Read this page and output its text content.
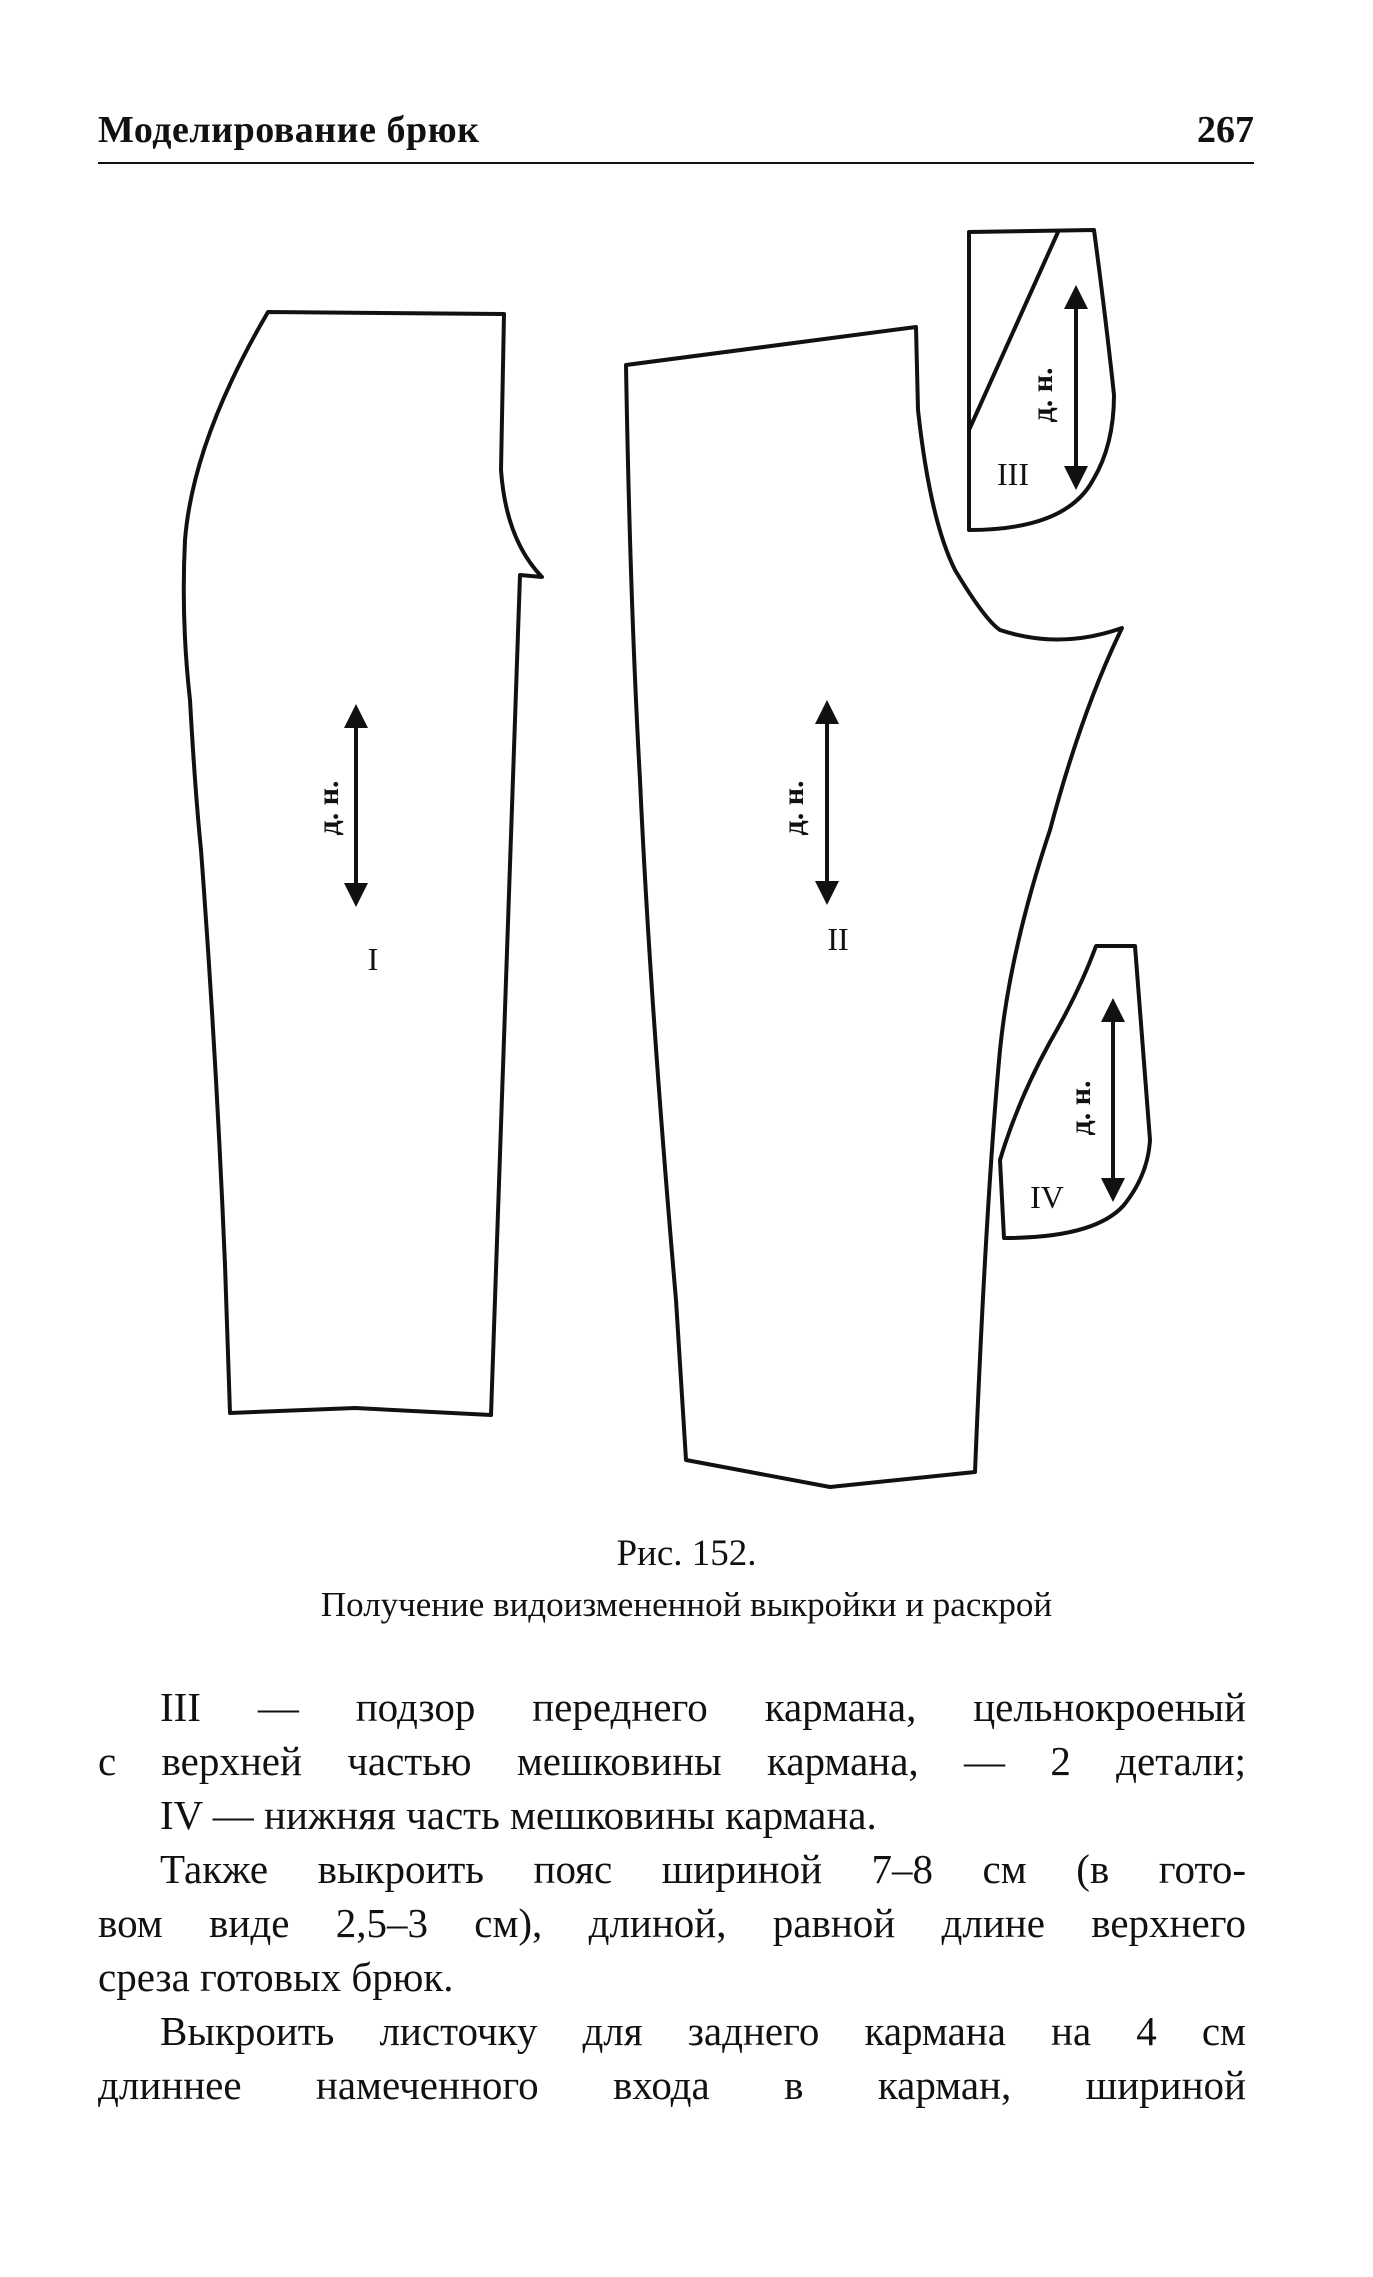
Моделирование брюк	267
д. н.	д. н.
д. н.
д. н.
I
II
III
IV
Рис. 152.
Получение видоизмененной выкройки и раскрой

III — подзор переднего кармана, цельнокроеный

с верхней частью мешковины кармана, — 2 детали;

IV — нижняя часть мешковины кармана.

Также выкроить пояс шириной 7–8 см (в гото-

вом виде 2,5–3 см), длиной, равной длине верхнего

среза готовых брюк.

Выкроить листочку для заднего кармана на 4 см

длиннее намеченного входа в карман, шириной
